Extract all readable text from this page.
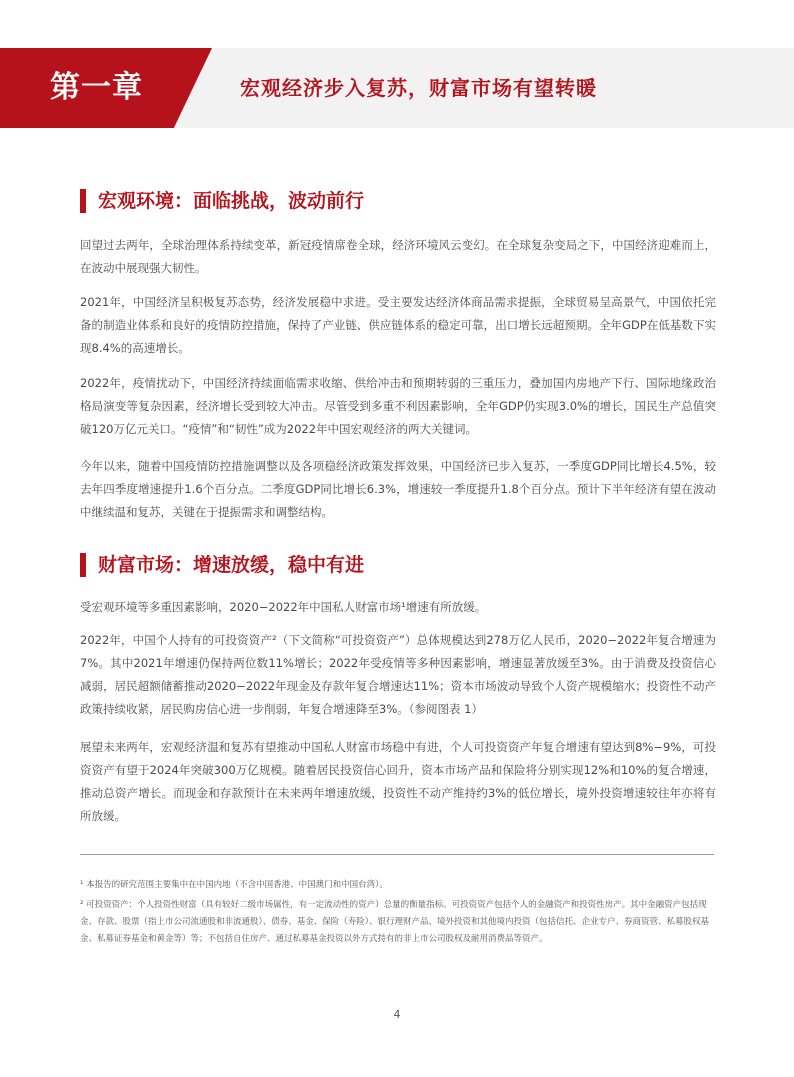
第一章	宏观经济步入复苏，财富市场有望转暖
宏观环境：面临挑战，波动前行

回望过去两年，全球治理体系持续变革，新冠疫情席卷全球，经济环境风云变幻。在全球复杂变局之下，中国经济迎难而上，在波动中展现强大韧性。

2021年，中国经济呈积极复苏态势，经济发展稳中求进。受主要发达经济体商品需求提振，全球贸易呈高景气，中国依托完备的制造业体系和良好的疫情防控措施，保持了产业链、供应链体系的稳定可靠，出口增长远超预期。全年GDP在低基数下实现8.4%的高速增长。

2022年，疫情扰动下，中国经济持续面临需求收缩、供给冲击和预期转弱的三重压力，叠加国内房地产下行、国际地缘政治格局演变等复杂因素，经济增长受到较大冲击。尽管受到多重不利因素影响，全年GDP仍实现3.0%的增长，国民生产总值突破120万亿元关口。“疫情”和“韧性”成为2022年中国宏观经济的两大关键词。

今年以来，随着中国疫情防控措施调整以及各项稳经济政策发挥效果，中国经济已步入复苏，一季度GDP同比增长4.5%，较去年四季度增速提升1.6个百分点。二季度GDP同比增长6.3%，增速较一季度提升1.8个百分点。预计下半年经济有望在波动中继续温和复苏，关键在于提振需求和调整结构。

财富市场：增速放缓，稳中有进

受宏观环境等多重因素影响，2020−2022年中国私人财富市场¹增速有所放缓。

2022年，中国个人持有的可投资资产²（下文简称“可投资资产”）总体规模达到278万亿人民币，2020−2022年复合增速为7%。其中2021年增速仍保持两位数11%增长；2022年受疫情等多种因素影响，增速显著放缓至3%。由于消费及投资信心减弱，居民超额储蓄推动2020−2022年现金及存款年复合增速达11%；资本市场波动导致个人资产规模缩水；投资性不动产政策持续收紧，居民购房信心进一步削弱，年复合增速降至3%。（参阅图表 1）

展望未来两年，宏观经济温和复苏有望推动中国私人财富市场稳中有进，个人可投资资产年复合增速有望达到8%−9%，可投资资产有望于2024年突破300万亿规模。随着居民投资信心回升，资本市场产品和保险将分别实现12%和10%的复合增速，推动总资产增长。而现金和存款预计在未来两年增速放缓，投资性不动产维持约3%的低位增长，境外投资增速较往年亦将有所放缓。

¹ 本报告的研究范围主要集中在中国内地（不含中国香港、中国澳门和中国台湾）。

² 可投资资产：个人投资性财富（具有较好二级市场属性，有一定流动性的资产）总量的衡量指标。可投资资产包括个人的金融资产和投资性房产。其中金融资产包括现金、存款、股票（指上市公司流通股和非流通股）、债券、基金、保险（寿险）、银行理财产品、境外投资和其他境内投资（包括信托、企业专户、券商资管、私募股权基金、私募证券基金和黄金等）等；不包括自住房产、通过私募基金投资以外方式持有的非上市公司股权及耐用消费品等资产。

4
